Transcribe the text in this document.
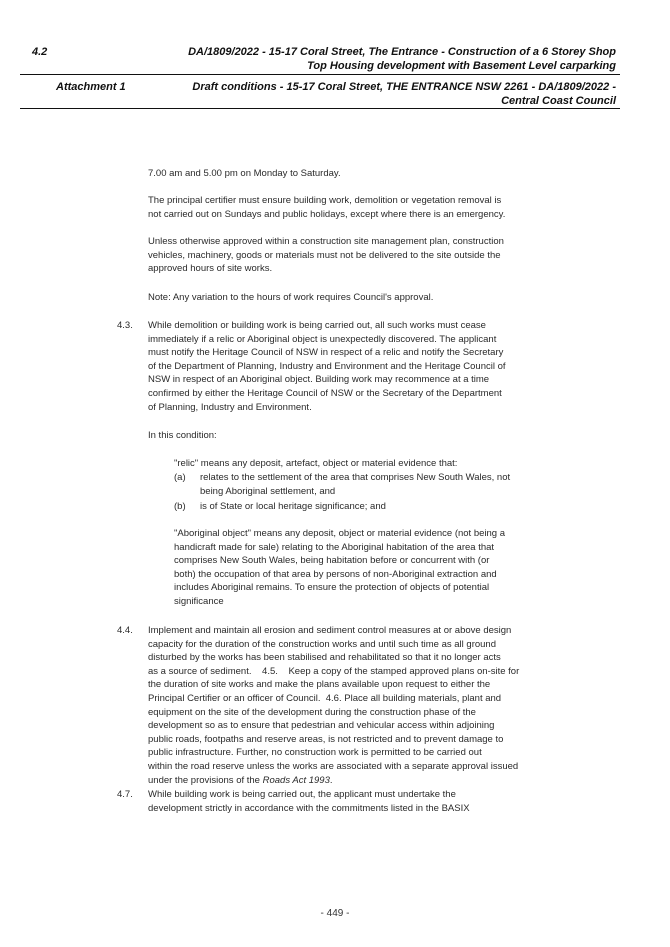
4.2	DA/1809/2022 - 15-17 Coral Street, The Entrance - Construction of a 6 Storey Shop
Top Housing development with Basement Level carparking
Attachment 1	Draft conditions - 15-17 Coral Street, THE ENTRANCE NSW 2261 - DA/1809/2022 -
Central Coast Council

7.00 am and 5.00 pm on Monday to Saturday.

The principal certifier must ensure building work, demolition or vegetation removal is
not carried out on Sundays and public holidays, except where there is an emergency.
Unless otherwise approved within a construction site management plan, construction
vehicles, machinery, goods or materials must not be delivered to the site outside the
approved hours of site works.

Note: Any variation to the hours of work requires Council's approval.

4.3. While demolition or building work is being carried out, all such works must cease
immediately if a relic or Aboriginal object is unexpectedly discovered. The applicant
must notify the Heritage Council of NSW in respect of a relic and notify the Secretary
of the Department of Planning, Industry and Environment and the Heritage Council of
NSW in respect of an Aboriginal object. Building work may recommence at a time
confirmed by either the Heritage Council of NSW or the Secretary of the Department
of Planning, Industry and Environment.

In this condition:

"relic" means any deposit, artefact, object or material evidence that:

(a) relates to the settlement of the area that comprises New South Wales, not
being Aboriginal settlement, and
(b) is of State or local heritage significance; and
"Aboriginal object" means any deposit, object or material evidence (not being a
handicraft made for sale) relating to the Aboriginal habitation of the area that
comprises New South Wales, being habitation before or concurrent with (or
both) the occupation of that area by persons of non-Aboriginal extraction and
includes Aboriginal remains. To ensure the protection of objects of potential
significance
4.4. Implement and maintain all erosion and sediment control measures at or above design
capacity for the duration of the construction works and until such time as all ground
disturbed by the works has been stabilised and rehabilitated so that it no longer acts
as a source of sediment.    4.5.    Keep a copy of the stamped approved plans on-site for
the duration of site works and make the plans available upon request to either the
Principal Certifier or an officer of Council.  4.6. Place all building materials, plant and
equipment on the site of the development during the construction phase of the
development so as to ensure that pedestrian and vehicular access within adjoining
public roads, footpaths and reserve areas, is not restricted and to prevent damage to
public infrastructure. Further, no construction work is permitted to be carried out
within the road reserve unless the works are associated with a separate approval issued
under the provisions of the Roads Act 1993.
4.7. While building work is being carried out, the applicant must undertake the
development strictly in accordance with the commitments listed in the BASIX
- 449 -
